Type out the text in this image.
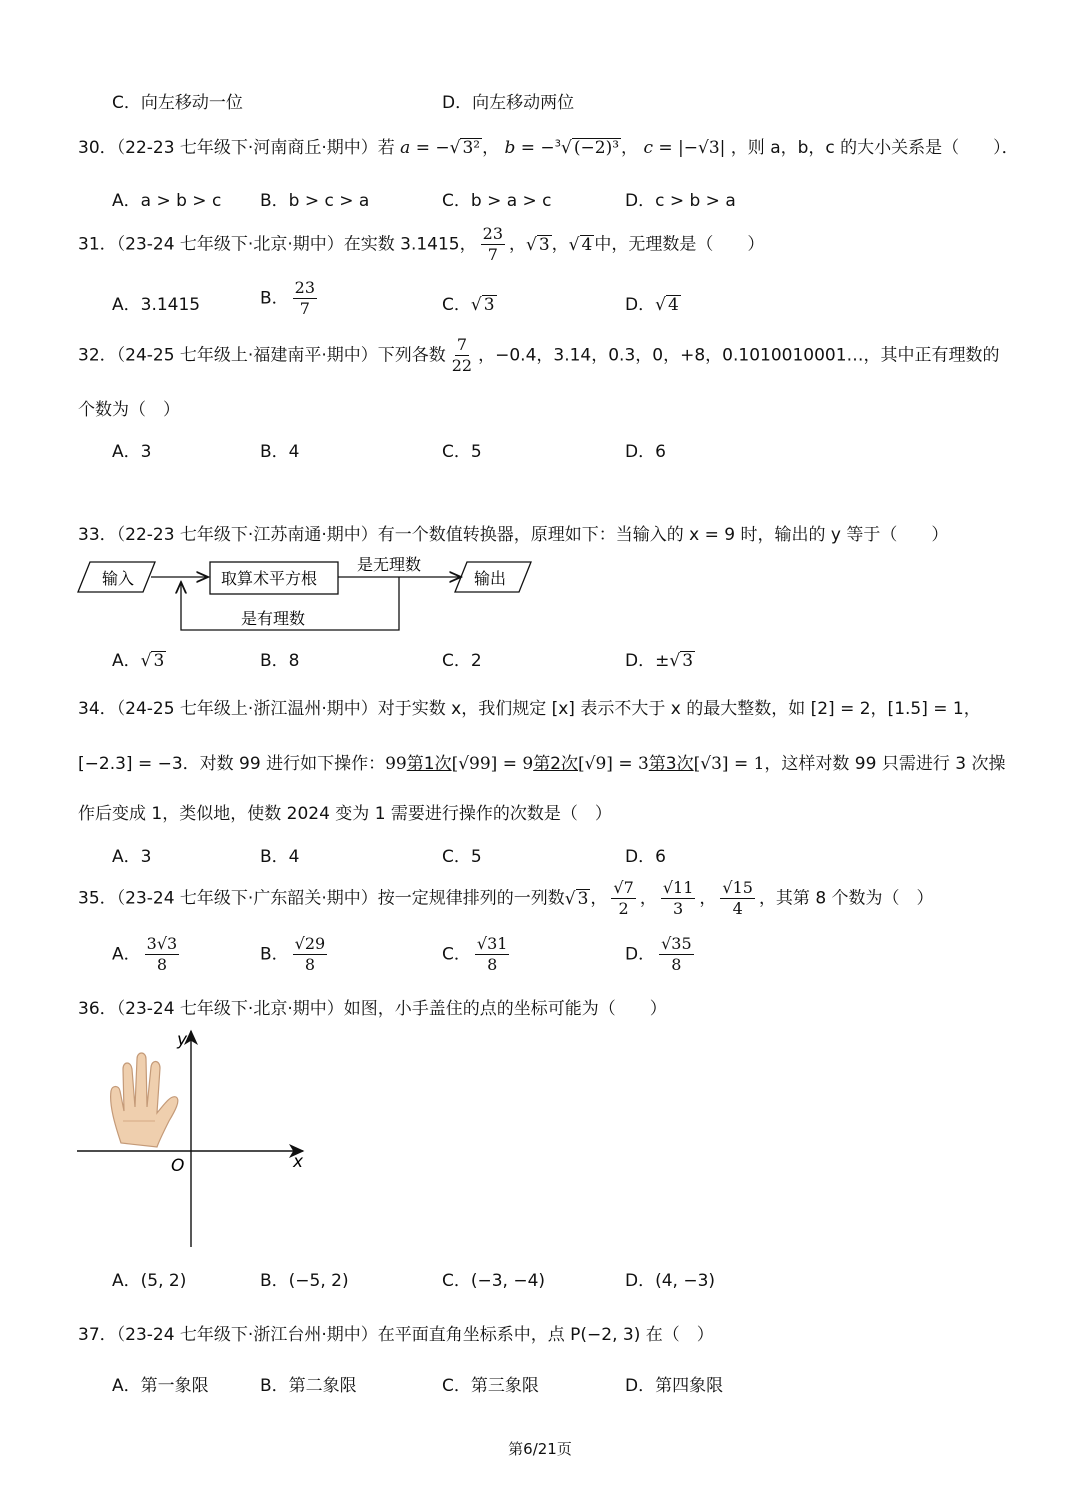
C．向左移动一位	D．向左移动两位
30．（22-23 七年级下·河南商丘·期中）若 a = − √ 3² ， b = −$^3$ √ (−2)³ ， c = |−√3| ，则 a，b，c 的大小关系是（　　）．
A．a > b > c B．b > c > a	C．b > a > c	D．c > b > a
31．（23-24 七年级下·北京·期中）在实数 3.1415， $\frac{23}{7}$ ， √ 3 ， √ 4 中，无理数是（　　）
A．3.1415	B． $\frac{23}{7}$	C． √ 3	D． √ 4
32．（24-25 七年级上·福建南平·期中）下列各数 $\frac{7}{22}$ ，−0.4，3.14，0.3，0，+8，0.1010010001…，其中正有理数的
个数为（　）
A．3	B．4	C．5	D．6
33．（22-23 七年级下·江苏南通·期中）有一个数值转换器，原理如下：当输入的 x = 9 时，输出的 y 等于（　　）
输入	取算术平方根
是无理数
输出
是有理数
A． √ 3	B．8	C．2	D．± √ 3
34．（24-25 七年级上·浙江温州·期中）对于实数 x，我们规定 [x] 表示不大于 x 的最大整数，如 [2] = 2，[1.5] = 1，
[−2.3] = −3．对数 99 进行如下操作：99第1次[√99] = 9第2次[√9] = 3第3次[√3] = 1，这样对数 99 只需进行 3 次操
作后变成 1，类似地，使数 2024 变为 1 需要进行操作的次数是（　）
A．3	B．4	C．5	D．6
35．（23-24 七年级下·广东韶关·期中）按一定规律排列的一列数 √ 3 ， $\frac{√7}{2}$ ， $\frac{√11}{3}$ ， $\frac{√15}{4}$ ，其第 8 个数为（　）
A． $\frac{3√3}{8}$	B． $\frac{√29}{8}$	C． $\frac{√31}{8}$	D． $\frac{√35}{8}$
36．（23-24 七年级下·北京·期中）如图，小手盖住的点的坐标可能为（　　）
y
x
O
A．(5, 2)	B．(−5, 2)	C．(−3, −4)	D．(4, −3)
37．（23-24 七年级下·浙江台州·期中）在平面直角坐标系中，点 P(−2, 3) 在（　）
A．第一象限	B．第二象限	C．第三象限	D．第四象限
第6/21页
